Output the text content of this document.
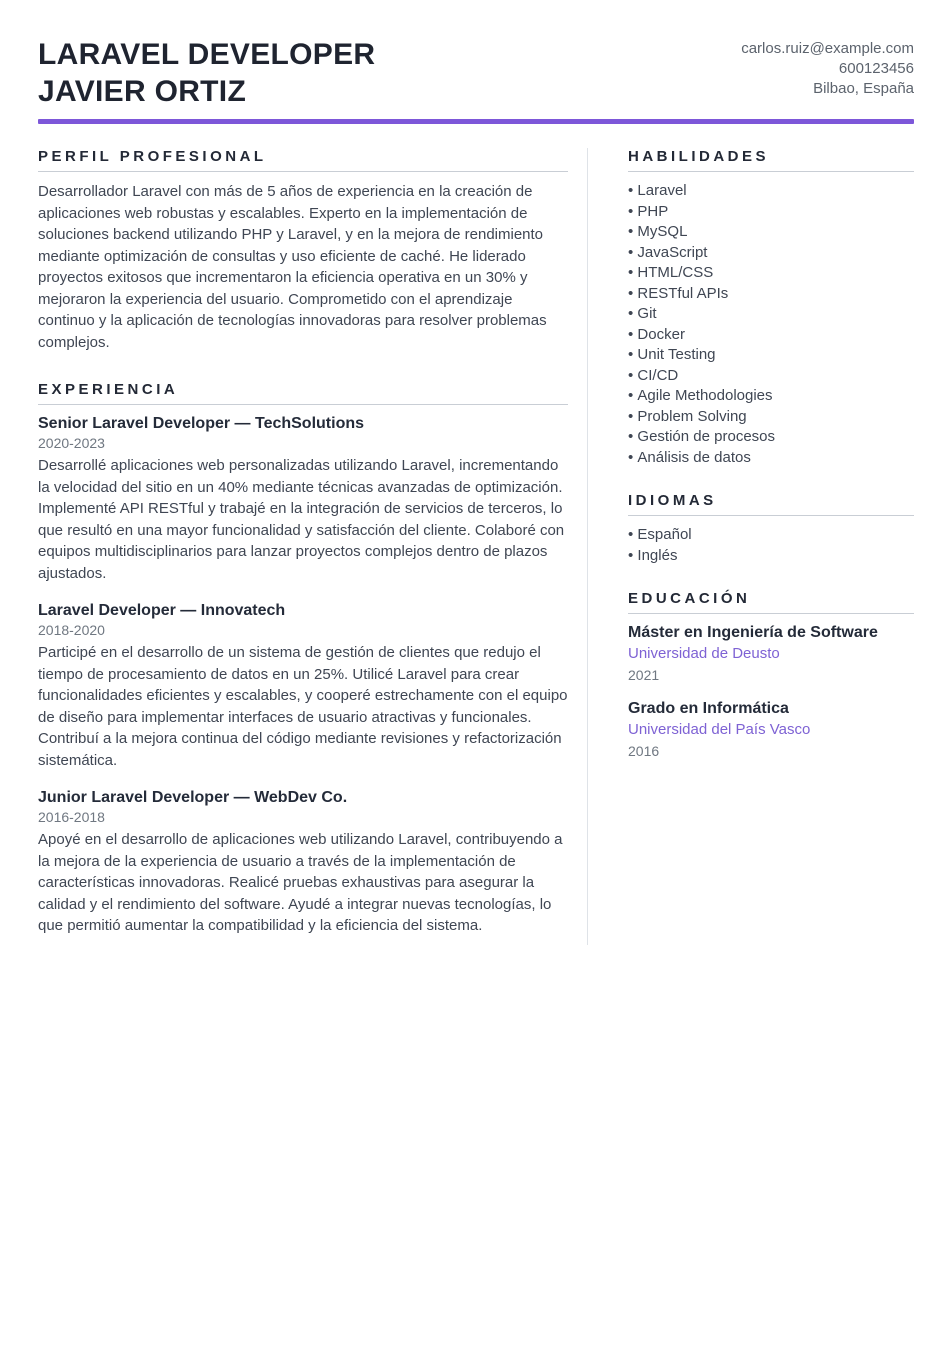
LARAVEL DEVELOPER
JAVIER ORTIZ
carlos.ruiz@example.com
600123456
Bilbao, España
PERFIL PROFESIONAL

Desarrollador Laravel con más de 5 años de experiencia en la creación de aplicaciones web robustas y escalables. Experto en la implementación de soluciones backend utilizando PHP y Laravel, y en la mejora de rendimiento mediante optimización de consultas y uso eficiente de caché. He liderado proyectos exitosos que incrementaron la eficiencia operativa en un 30% y mejoraron la experiencia del usuario. Comprometido con el aprendizaje continuo y la aplicación de tecnologías innovadoras para resolver problemas complejos.

EXPERIENCIA
Senior Laravel Developer — TechSolutions
2020-2023

Desarrollé aplicaciones web personalizadas utilizando Laravel, incrementando la velocidad del sitio en un 40% mediante técnicas avanzadas de optimización. Implementé API RESTful y trabajé en la integración de servicios de terceros, lo que resultó en una mayor funcionalidad y satisfacción del cliente. Colaboré con equipos multidisciplinarios para lanzar proyectos complejos dentro de plazos ajustados.

Laravel Developer — Innovatech
2018-2020

Participé en el desarrollo de un sistema de gestión de clientes que redujo el tiempo de procesamiento de datos en un 25%. Utilicé Laravel para crear funcionalidades eficientes y escalables, y cooperé estrechamente con el equipo de diseño para implementar interfaces de usuario atractivas y funcionales. Contribuí a la mejora continua del código mediante revisiones y refactorización sistemática.

Junior Laravel Developer — WebDev Co.
2016-2018

Apoyé en el desarrollo de aplicaciones web utilizando Laravel, contribuyendo a la mejora de la experiencia de usuario a través de la implementación de características innovadoras. Realicé pruebas exhaustivas para asegurar la calidad y el rendimiento del software. Ayudé a integrar nuevas tecnologías, lo que permitió aumentar la compatibilidad y la eficiencia del sistema.

HABILIDADES
• Laravel
• PHP
• MySQL
• JavaScript
• HTML/CSS
• RESTful APIs
• Git
• Docker
• Unit Testing
• CI/CD
• Agile Methodologies
• Problem Solving
• Gestión de procesos
• Análisis de datos
IDIOMAS
• Español
• Inglés
EDUCACIÓN
Máster en Ingeniería de Software
Universidad de Deusto
2021
Grado en Informática
Universidad del País Vasco
2016
